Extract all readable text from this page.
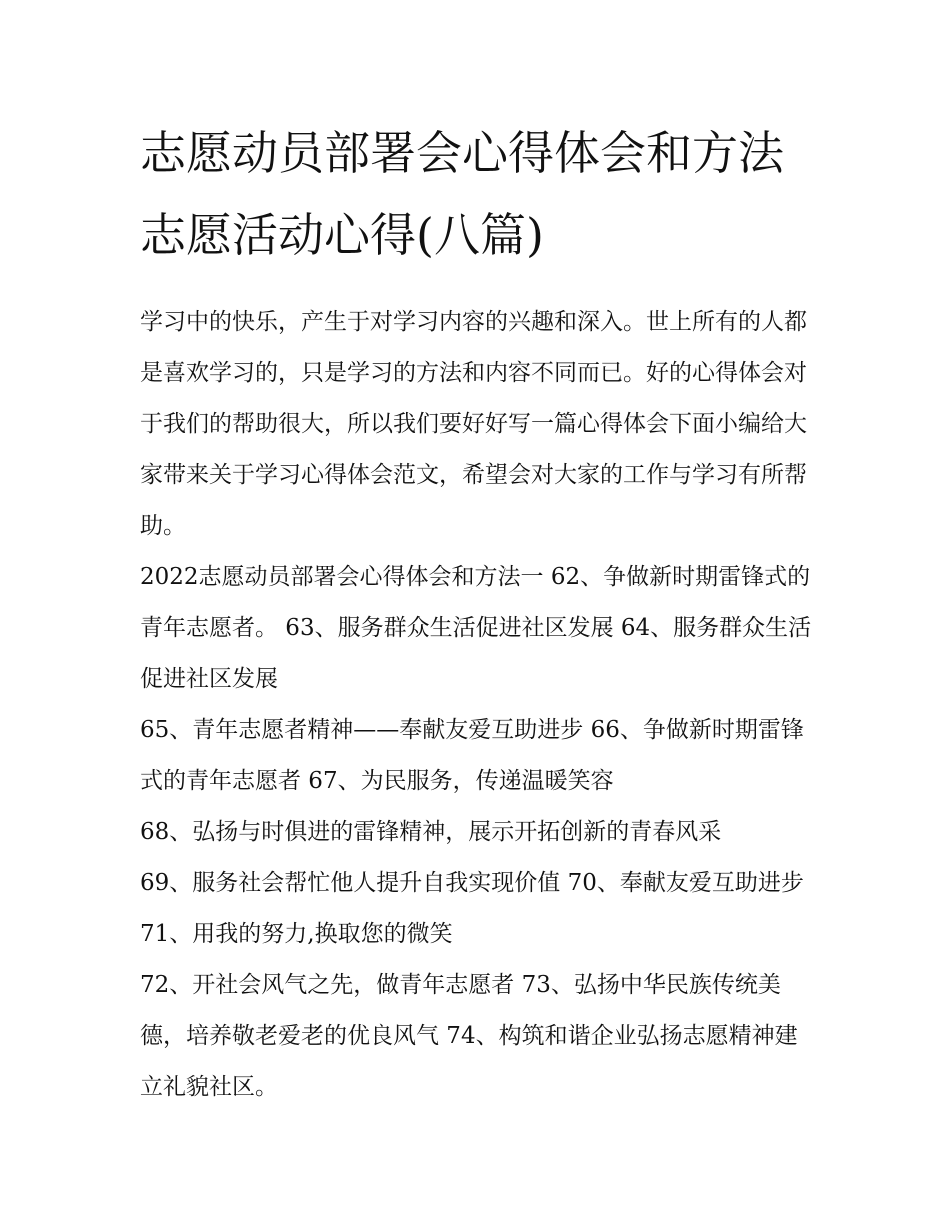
志愿动员部署会心得体会和方法 志愿活动心得(八篇)

学习中的快乐，产生于对学习内容的兴趣和深入。世上所有的人都是喜欢学习的，只是学习的方法和内容不同而已。好的心得体会对于我们的帮助很大，所以我们要好好写一篇心得体会下面小编给大家带来关于学习心得体会范文，希望会对大家的工作与学习有所帮助。

2022志愿动员部署会心得体会和方法一 62、争做新时期雷锋式的青年志愿者。 63、服务群众生活促进社区发展 64、服务群众生活促进社区发展

65、青年志愿者精神——奉献友爱互助进步 66、争做新时期雷锋式的青年志愿者 67、为民服务，传递温暖笑容

68、弘扬与时俱进的雷锋精神，展示开拓创新的青春风采

69、服务社会帮忙他人提升自我实现价值 70、奉献友爱互助进步 71、用我的努力,换取您的微笑

72、开社会风气之先，做青年志愿者 73、弘扬中华民族传统美德，培养敬老爱老的优良风气 74、构筑和谐企业弘扬志愿精神建立礼貌社区。
